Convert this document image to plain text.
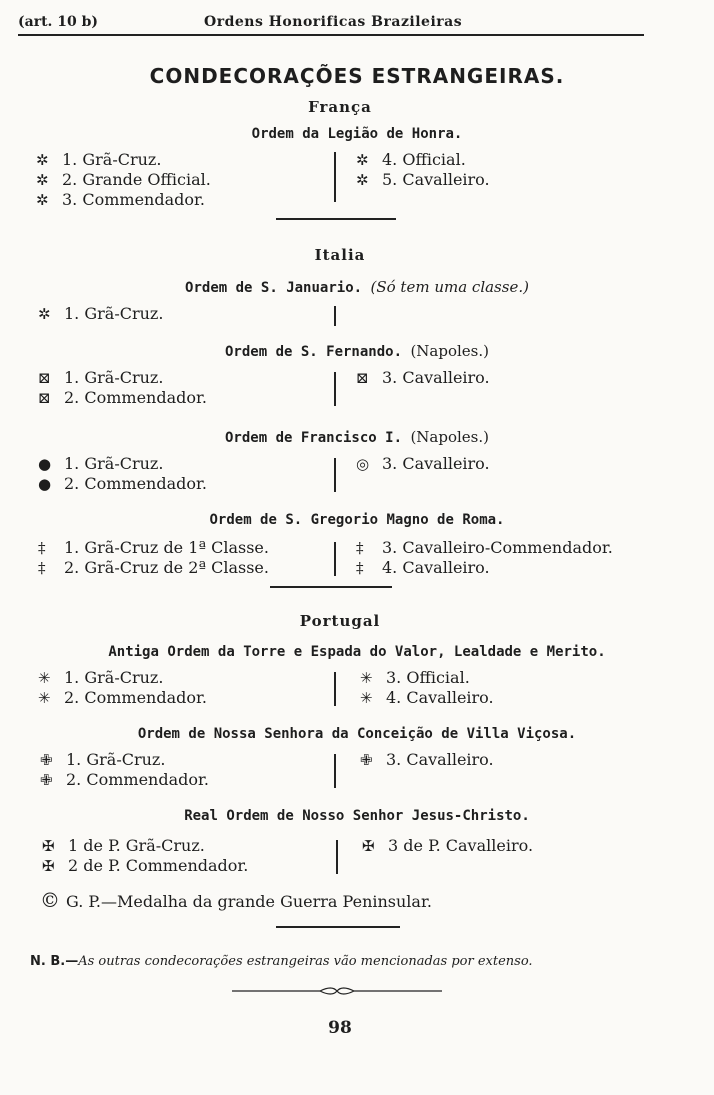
(art. 10 b)	Ordens Honorificas Brazileiras
CONDECORAÇÕES ESTRANGEIRAS.
França
Ordem da Legião de Honra.
✲ 1. Grã-Cruz.
✲ 2. Grande Official.
✲ 3. Commendador.
✲ 4. Official.
✲ 5. Cavalleiro.
Italia
Ordem de S. Januario. (Só tem uma classe.)
✲ 1. Grã-Cruz.
Ordem de S. Fernando. (Napoles.)
⊠ 1. Grã-Cruz.
⊠ 2. Commendador.
⊠ 3. Cavalleiro.
Ordem de Francisco I. (Napoles.)
● 1. Grã-Cruz.
● 2. Commendador.
◎ 3. Cavalleiro.
Ordem de S. Gregorio Magno de Roma.
‡ 1. Grã-Cruz de 1ª Classe.
‡ 2. Grã-Cruz de 2ª Classe.
‡ 3. Cavalleiro-Commendador.
‡ 4. Cavalleiro.
Portugal
Antiga Ordem da Torre e Espada do Valor, Lealdade e Merito.
✳ 1. Grã-Cruz.
✳ 2. Commendador.
✳ 3. Official.
✳ 4. Cavalleiro.
Ordem de Nossa Senhora da Conceição de Villa Viçosa.
✙ 1. Grã-Cruz.
✙ 2. Commendador.
✙ 3. Cavalleiro.
Real Ordem de Nosso Senhor Jesus-Christo.
✠ 1 de P. Grã-Cruz.
✠ 2 de P. Commendador.
✠ 3 de P. Cavalleiro.
© G. P.—Medalha da grande Guerra Peninsular.
N. B.—As outras condecorações estrangeiras vão mencionadas por extenso.
98
